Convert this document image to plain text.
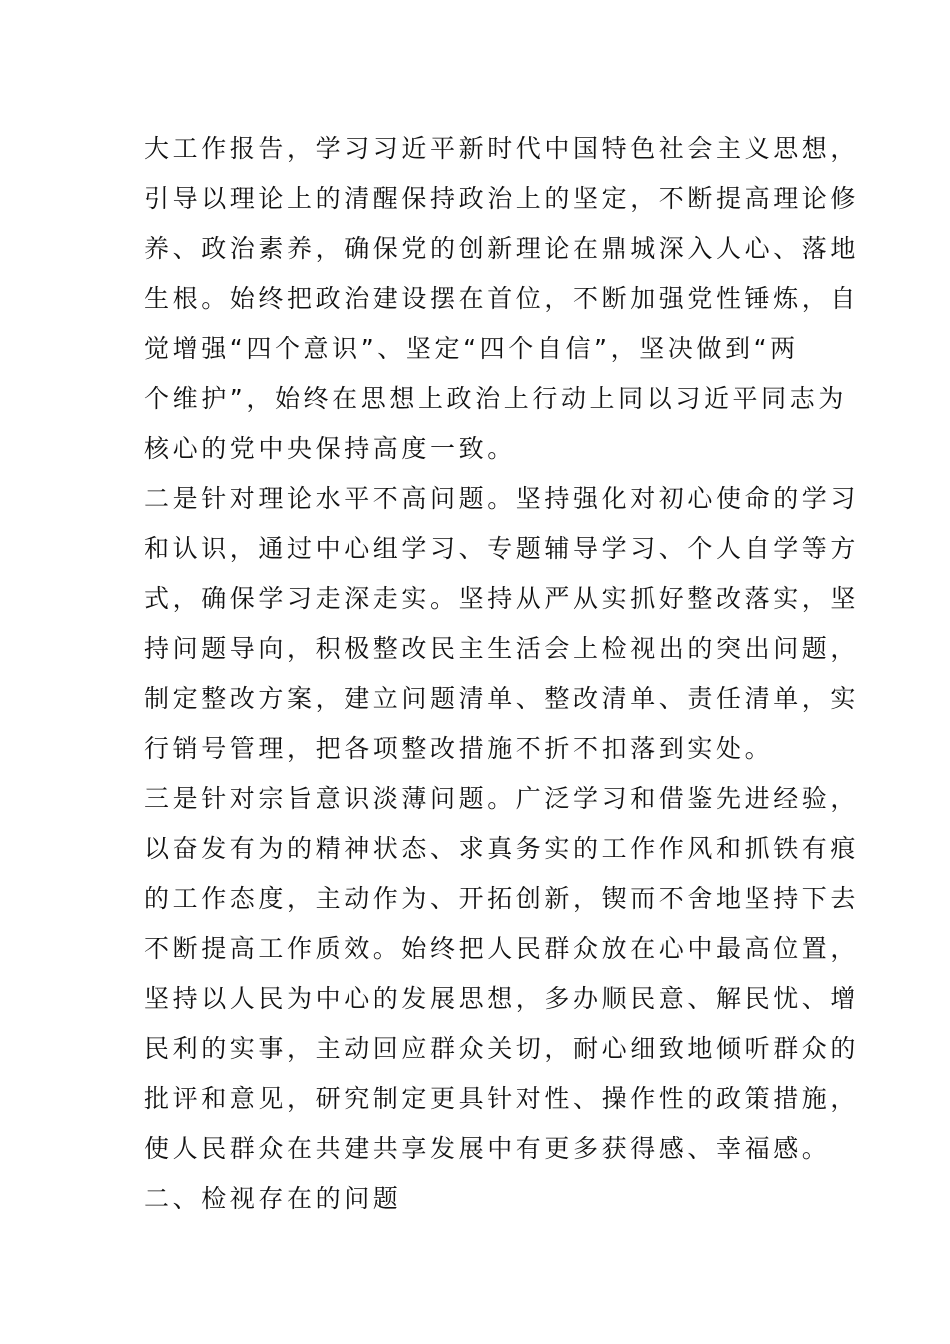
大工作报告，学习习近平新时代中国特色社会主义思想，
引导以理论上的清醒保持政治上的坚定，不断提高理论修
养、政治素养，确保党的创新理论在鼎城深入人心、落地
生根。始终把政治建设摆在首位，不断加强党性锤炼，自
觉增强“四个意识”、坚定“四个自信”，坚决做到“两
个维护”，始终在思想上政治上行动上同以习近平同志为
核心的党中央保持高度一致。
二是针对理论水平不高问题。坚持强化对初心使命的学习
和认识，通过中心组学习、专题辅导学习、个人自学等方
式，确保学习走深走实。坚持从严从实抓好整改落实，坚
持问题导向，积极整改民主生活会上检视出的突出问题，
制定整改方案，建立问题清单、整改清单、责任清单，实
行销号管理，把各项整改措施不折不扣落到实处。
三是针对宗旨意识淡薄问题。广泛学习和借鉴先进经验，
以奋发有为的精神状态、求真务实的工作作风和抓铁有痕
的工作态度，主动作为、开拓创新，锲而不舍地坚持下去
不断提高工作质效。始终把人民群众放在心中最高位置，
坚持以人民为中心的发展思想，多办顺民意、解民忧、增
民利的实事，主动回应群众关切，耐心细致地倾听群众的
批评和意见，研究制定更具针对性、操作性的政策措施，
使人民群众在共建共享发展中有更多获得感、幸福感。
二、检视存在的问题
